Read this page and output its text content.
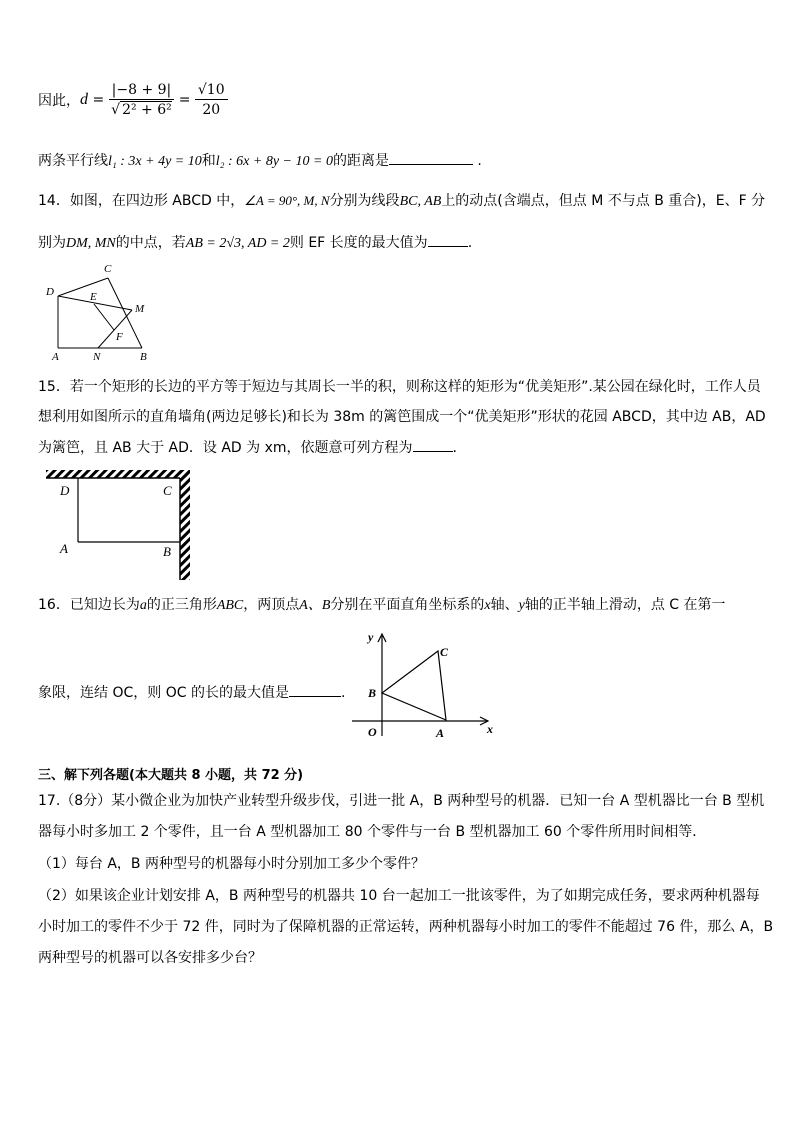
因此，$d = \frac{|-8 + 9|}{\text{√ 2² + 6²}} = \frac{√10}{20}$
两条平行线l₁ : 3x + 4y = 10和l₂ : 6x + 8y − 10 = 0的距离是	.
14．如图，在四边形 ABCD 中，∠A = 90°, M, N分别为线段BC, AB上的动点(含端点，但点 M 不与点 B 重合)，E、F 分
别为DM, MN的中点，若AB = 2√3, AD = 2则 EF 长度的最大值为	.
C
D	E
M
F
A	N	B
15．若一个矩形的长边的平方等于短边与其周长一半的积，则称这样的矩形为“优美矩形”.某公园在绿化时，工作人员
想利用如图所示的直角墙角(两边足够长)和长为 38m 的篱笆围成一个“优美矩形”形状的花园 ABCD，其中边 AB，AD
为篱笆，且 AB 大于 AD．设 AD 为 xm，依题意可列方程为	.
D	C
A	B
16．已知边长为a的正三角形ABC，两顶点A、B分别在平面直角坐标系的x轴、y轴的正半轴上滑动，点 C 在第一
象限，连结 OC，则 OC 的长的最大值是	.
y
x
O	A
B
C
三、解下列各题(本大题共 8 小题，共 72 分)
17.（8分）某小微企业为加快产业转型升级步伐，引进一批 A，B 两种型号的机器．已知一台 A 型机器比一台 B 型机
器每小时多加工 2 个零件，且一台 A 型机器加工 80 个零件与一台 B 型机器加工 60 个零件所用时间相等．
（1）每台 A，B 两种型号的机器每小时分别加工多少个零件？
（2）如果该企业计划安排 A，B 两种型号的机器共 10 台一起加工一批该零件，为了如期完成任务，要求两种机器每
小时加工的零件不少于 72 件，同时为了保障机器的正常运转，两种机器每小时加工的零件不能超过 76 件，那么 A，B
两种型号的机器可以各安排多少台？
